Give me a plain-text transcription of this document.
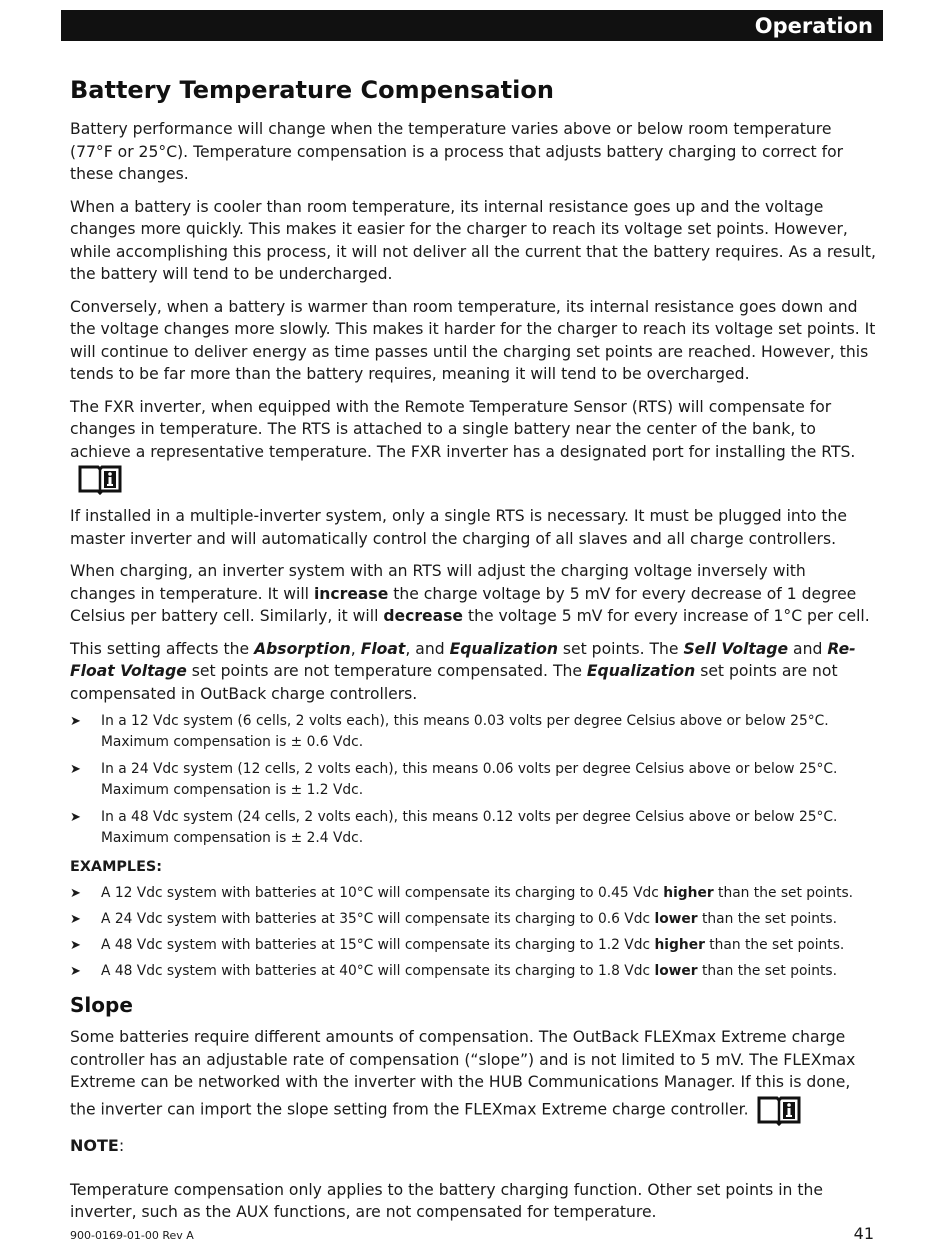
Operation
Battery Temperature Compensation

Battery performance will change when the temperature varies above or below room temperature (77°F or 25°C). Temperature compensation is a process that adjusts battery charging to correct for these changes.

When a battery is cooler than room temperature, its internal resistance goes up and the voltage changes more quickly. This makes it easier for the charger to reach its voltage set points. However, while accomplishing this process, it will not deliver all the current that the battery requires. As a result, the battery will tend to be undercharged.

Conversely, when a battery is warmer than room temperature, its internal resistance goes down and the voltage changes more slowly. This makes it harder for the charger to reach its voltage set points. It will continue to deliver energy as time passes until the charging set points are reached. However, this tends to be far more than the battery requires, meaning it will tend to be overcharged.

The FXR inverter, when equipped with the Remote Temperature Sensor (RTS) will compensate for changes in temperature. The RTS is attached to a single battery near the center of the bank, to achieve a representative temperature. The FXR inverter has a designated port for installing the RTS.

If installed in a multiple-inverter system, only a single RTS is necessary. It must be plugged into the master inverter and will automatically control the charging of all slaves and all charge controllers.

When charging, an inverter system with an RTS will adjust the charging voltage inversely with changes in temperature. It will increase the charge voltage by 5 mV for every decrease of 1 degree Celsius per battery cell. Similarly, it will decrease the voltage 5 mV for every increase of 1°C per cell.

This setting affects the Absorption, Float, and Equalization set points. The Sell Voltage and Re-Float Voltage set points are not temperature compensated. The Equalization set points are not compensated in OutBack charge controllers.

➤ In a 12 Vdc system (6 cells, 2 volts each), this means 0.03 volts per degree Celsius above or below 25°C. Maximum compensation is ± 0.6 Vdc.
➤ In a 24 Vdc system (12 cells, 2 volts each), this means 0.06 volts per degree Celsius above or below 25°C. Maximum compensation is ± 1.2 Vdc.
➤ In a 48 Vdc system (24 cells, 2 volts each), this means 0.12 volts per degree Celsius above or below 25°C. Maximum compensation is ± 2.4 Vdc.
EXAMPLES:
➤ A 12 Vdc system with batteries at 10°C will compensate its charging to 0.45 Vdc higher than the set points.
➤ A 24 Vdc system with batteries at 35°C will compensate its charging to 0.6 Vdc lower than the set points.
➤ A 48 Vdc system with batteries at 15°C will compensate its charging to 1.2 Vdc higher than the set points.
➤ A 48 Vdc system with batteries at 40°C will compensate its charging to 1.8 Vdc lower than the set points.
Slope

Some batteries require different amounts of compensation. The OutBack FLEXmax Extreme charge controller has an adjustable rate of compensation (“slope”) and is not limited to 5 mV. The FLEXmax Extreme can be networked with the inverter with the HUB Communications Manager. If this is done, the inverter can import the slope setting from the FLEXmax Extreme charge controller.

NOTE:

Temperature compensation only applies to the battery charging function. Other set points in the inverter, such as the AUX functions, are not compensated for temperature.

900-0169-01-00 Rev A	41
